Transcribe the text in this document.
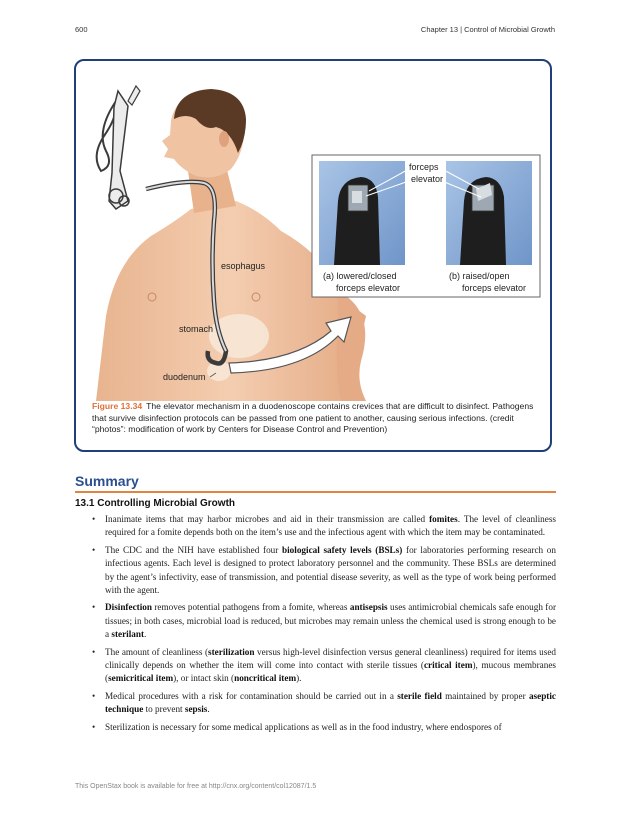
600	Chapter 13 | Control of Microbial Growth
esophagus
stomach
duodenum
forceps
elevator
(a) lowered/closed
forceps elevator
(b) raised/open
forceps elevator
Figure 13.34 The elevator mechanism in a duodenoscope contains crevices that are difficult to disinfect. Pathogens that survive disinfection protocols can be passed from one patient to another, causing serious infections. (credit “photos”: modification of work by Centers for Disease Control and Prevention)
Summary
13.1 Controlling Microbial Growth
• Inanimate items that may harbor microbes and aid in their transmission are called fomites. The level of cleanliness required for a fomite depends both on the item’s use and the infectious agent with which the item may be contaminated.
• The CDC and the NIH have established four biological safety levels (BSLs) for laboratories performing research on infectious agents. Each level is designed to protect laboratory personnel and the community. These BSLs are determined by the agent’s infectivity, ease of transmission, and potential disease severity, as well as the type of work being performed with the agent.
• Disinfection removes potential pathogens from a fomite, whereas antisepsis uses antimicrobial chemicals safe enough for tissues; in both cases, microbial load is reduced, but microbes may remain unless the chemical used is strong enough to be a sterilant.
• The amount of cleanliness (sterilization versus high-level disinfection versus general cleanliness) required for items used clinically depends on whether the item will come into contact with sterile tissues (critical item), mucous membranes (semicritical item), or intact skin (noncritical item).
• Medical procedures with a risk for contamination should be carried out in a sterile field maintained by proper aseptic technique to prevent sepsis.
• Sterilization is necessary for some medical applications as well as in the food industry, where endospores of
This OpenStax book is available for free at http://cnx.org/content/col12087/1.5
